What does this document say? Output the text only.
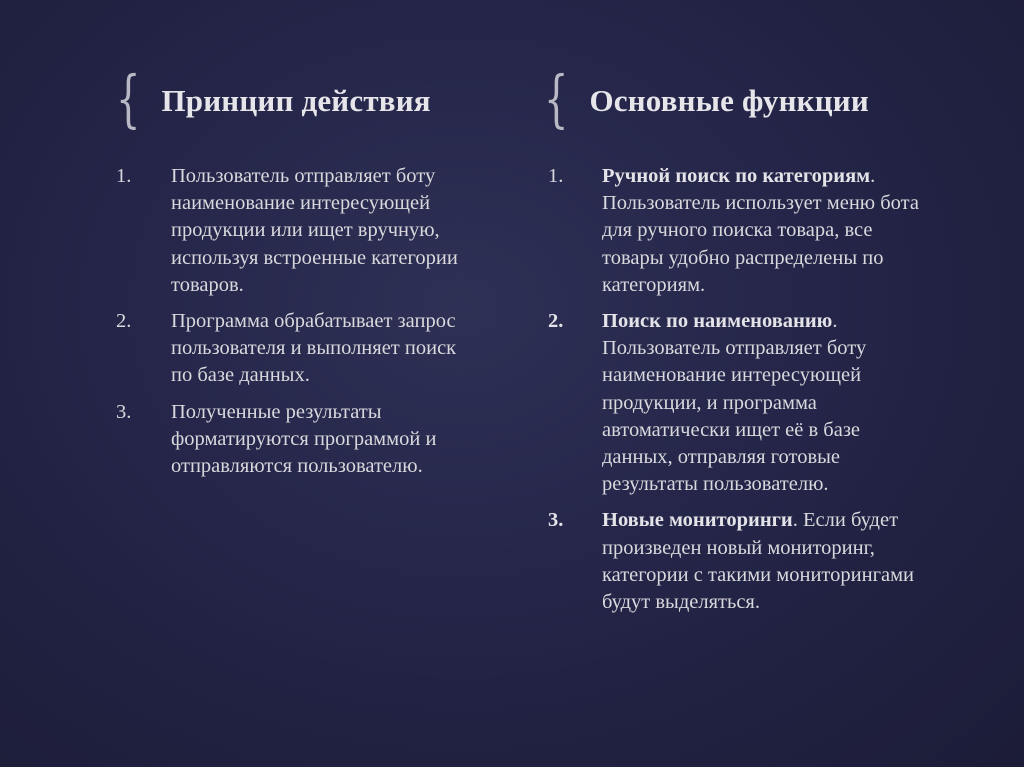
{ Принцип действия
1.	Пользователь отправляет боту наименование интересующей продукции или ищет вручную, используя встроенные категории товаров.
2.	Программа обрабатывает запрос пользователя и выполняет поиск по базе данных.
3.	Полученные результаты форматируются программой и отправляются пользователю.
{ Основные функции
1.	Ручной поиск по категориям. Пользователь использует меню бота для ручного поиска товара, все товары удобно распределены по категориям.
2.	Поиск по наименованию. Пользователь отправляет боту наименование интересующей продукции, и программа автоматически ищет её в базе данных, отправляя готовые результаты пользователю.
3.	Новые мониторинги. Если будет произведен новый мониторинг, категории с такими мониторингами будут выделяться.
